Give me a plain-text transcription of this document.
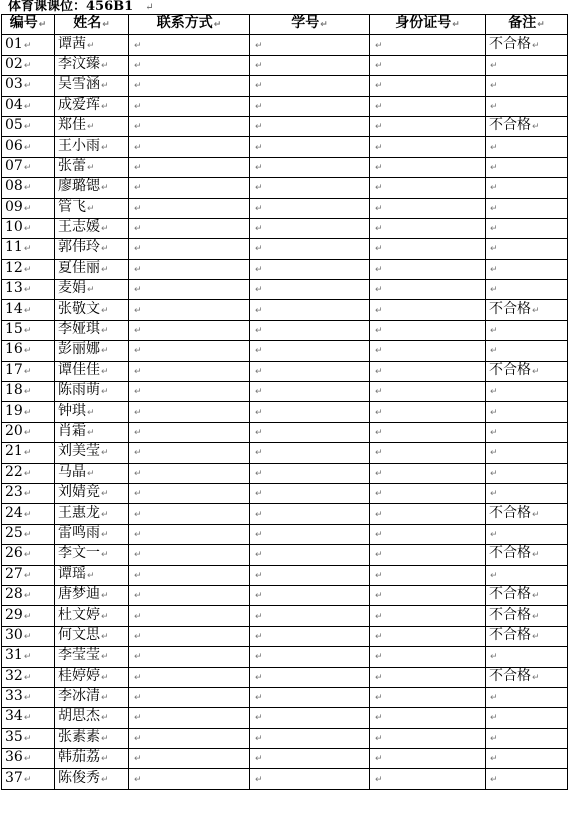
体育课课位：456B1 ↵
编号↵	姓名↵	联系方式↵	学号↵	身份证号↵	备注↵
01↵	谭茜↵	↵	↵	↵	不合格↵
02↵	李汶臻↵	↵	↵	↵	↵
03↵	吴雪涵↵	↵	↵	↵	↵
04↵	成爱珲↵	↵	↵	↵	↵
05↵	郑佳↵	↵	↵	↵	不合格↵
06↵	王小雨↵	↵	↵	↵	↵
07↵	张蕾↵	↵	↵	↵	↵
08↵	廖璐锶↵	↵	↵	↵	↵
09↵	管飞↵	↵	↵	↵	↵
10↵	王志媛↵	↵	↵	↵	↵
11↵	郭伟玲↵	↵	↵	↵	↵
12↵	夏佳丽↵	↵	↵	↵	↵
13↵	麦娟↵	↵	↵	↵	↵
14↵	张敬文↵	↵	↵	↵	不合格↵
15↵	李娅琪↵	↵	↵	↵	↵
16↵	彭丽娜↵	↵	↵	↵	↵
17↵	谭佳佳↵	↵	↵	↵	不合格↵
18↵	陈雨萌↵	↵	↵	↵	↵
19↵	钟琪↵	↵	↵	↵	↵
20↵	肖霜↵	↵	↵	↵	↵
21↵	刘美莹↵	↵	↵	↵	↵
22↵	马晶↵	↵	↵	↵	↵
23↵	刘婧竞↵	↵	↵	↵	↵
24↵	王惠龙↵	↵	↵	↵	不合格↵
25↵	雷鸣雨↵	↵	↵	↵	↵
26↵	李文一↵	↵	↵	↵	不合格↵
27↵	谭瑶↵	↵	↵	↵	↵
28↵	唐梦迪↵	↵	↵	↵	不合格↵
29↵	杜文婷↵	↵	↵	↵	不合格↵
30↵	何文思↵	↵	↵	↵	不合格↵
31↵	李莹莹↵	↵	↵	↵	↵
32↵	桂婷婷↵	↵	↵	↵	不合格↵
33↵	李冰清↵	↵	↵	↵	↵
34↵	胡思杰↵	↵	↵	↵	↵
35↵	张素素↵	↵	↵	↵	↵
36↵	韩茄荔↵	↵	↵	↵	↵
37↵	陈俊秀↵	↵	↵	↵	↵
